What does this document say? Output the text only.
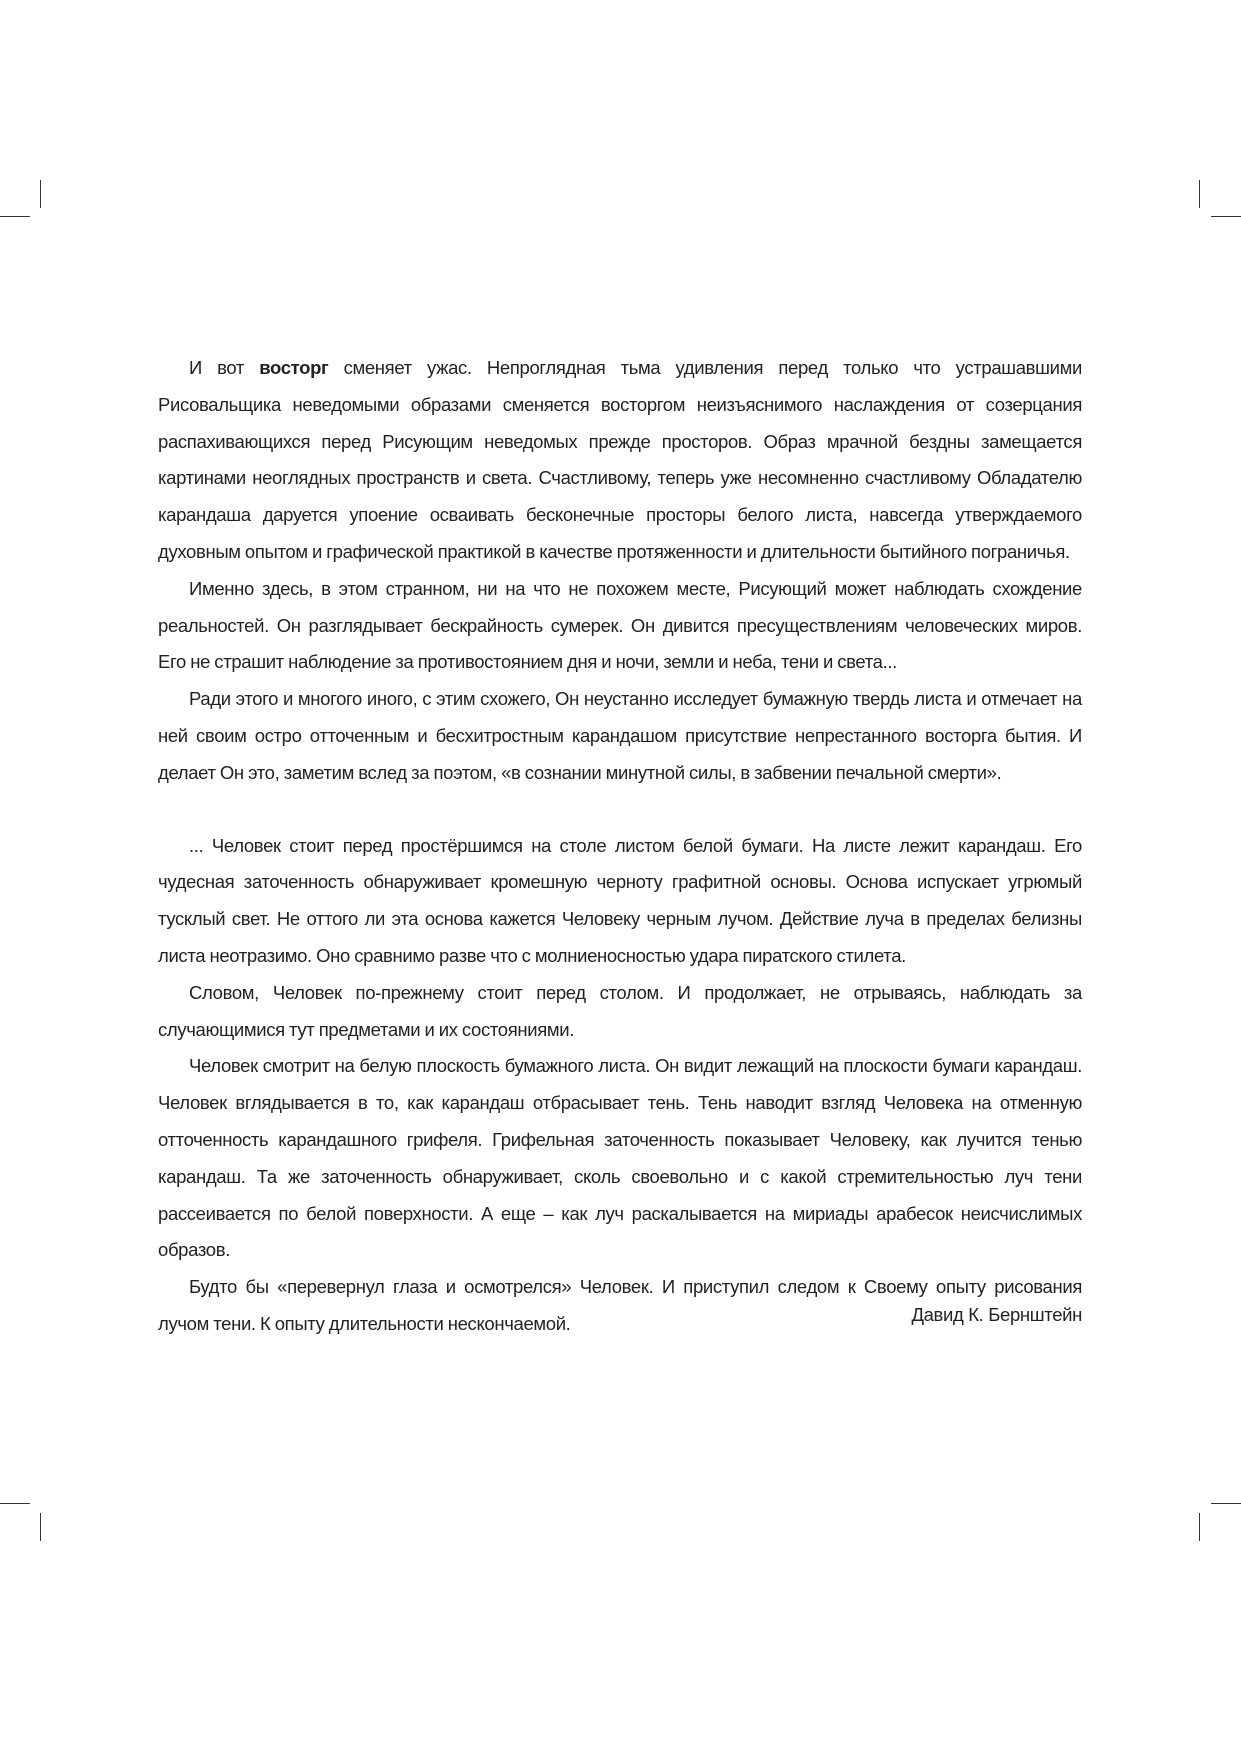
И вот восторг сменяет ужас. Непроглядная тьма удивления перед только что устрашавшими Рисовальщика неведомыми образами сменяется восторгом неизъяснимого наслаждения от созерцания распахивающихся перед Рисующим неведомых прежде просторов. Образ мрачной бездны замещается картинами неоглядных пространств и света. Счастливому, теперь уже несомненно счастливому Обладателю карандаша даруется упоение осваивать бесконечные просторы белого листа, навсегда утверждаемого духовным опытом и графической практикой в качестве протяженности и длительности бытийного пограничья.

Именно здесь, в этом странном, ни на что не похожем месте, Рисующий может наблюдать схождение реальностей. Он разглядывает бескрайность сумерек. Он дивится пресуществлениям человеческих миров. Его не страшит наблюдение за противостоянием дня и ночи, земли и неба, тени и света...

Ради этого и многого иного, с этим схожего, Он неустанно исследует бумажную твердь листа и отмечает на ней своим остро отточенным и бесхитростным карандашом присутствие непрестанного восторга бытия. И делает Он это, заметим вслед за поэтом, «в сознании минутной силы, в забвении печальной смерти».

... Человек стоит перед простёршимся на столе листом белой бумаги. На листе лежит карандаш. Его чудесная заточенность обнаруживает кромешную черноту графитной основы. Основа испускает угрюмый тусклый свет. Не оттого ли эта основа кажется Человеку черным лучом. Действие луча в пределах белизны листа неотразимо. Оно сравнимо разве что с молниеносностью удара пиратского стилета.

Словом, Человек по-прежнему стоит перед столом. И продолжает, не отрываясь, наблюдать за случающимися тут предметами и их состояниями.

Человек смотрит на белую плоскость бумажного листа. Он видит лежащий на плоскости бумаги карандаш. Человек вглядывается в то, как карандаш отбрасывает тень. Тень наводит взгляд Человека на отменную отточенность карандашного грифеля. Грифельная заточенность показывает Человеку, как лучится тенью карандаш. Та же заточенность обнаруживает, сколь своевольно и с какой стремительностью луч тени рассеивается по белой поверхности. А еще – как луч раскалывается на мириады арабесок неисчислимых образов.

Будто бы «перевернул глаза и осмотрелся» Человек. И приступил следом к Своему опыту рисования лучом тени. К опыту длительности нескончаемой.	Давид К. Бернштейн
